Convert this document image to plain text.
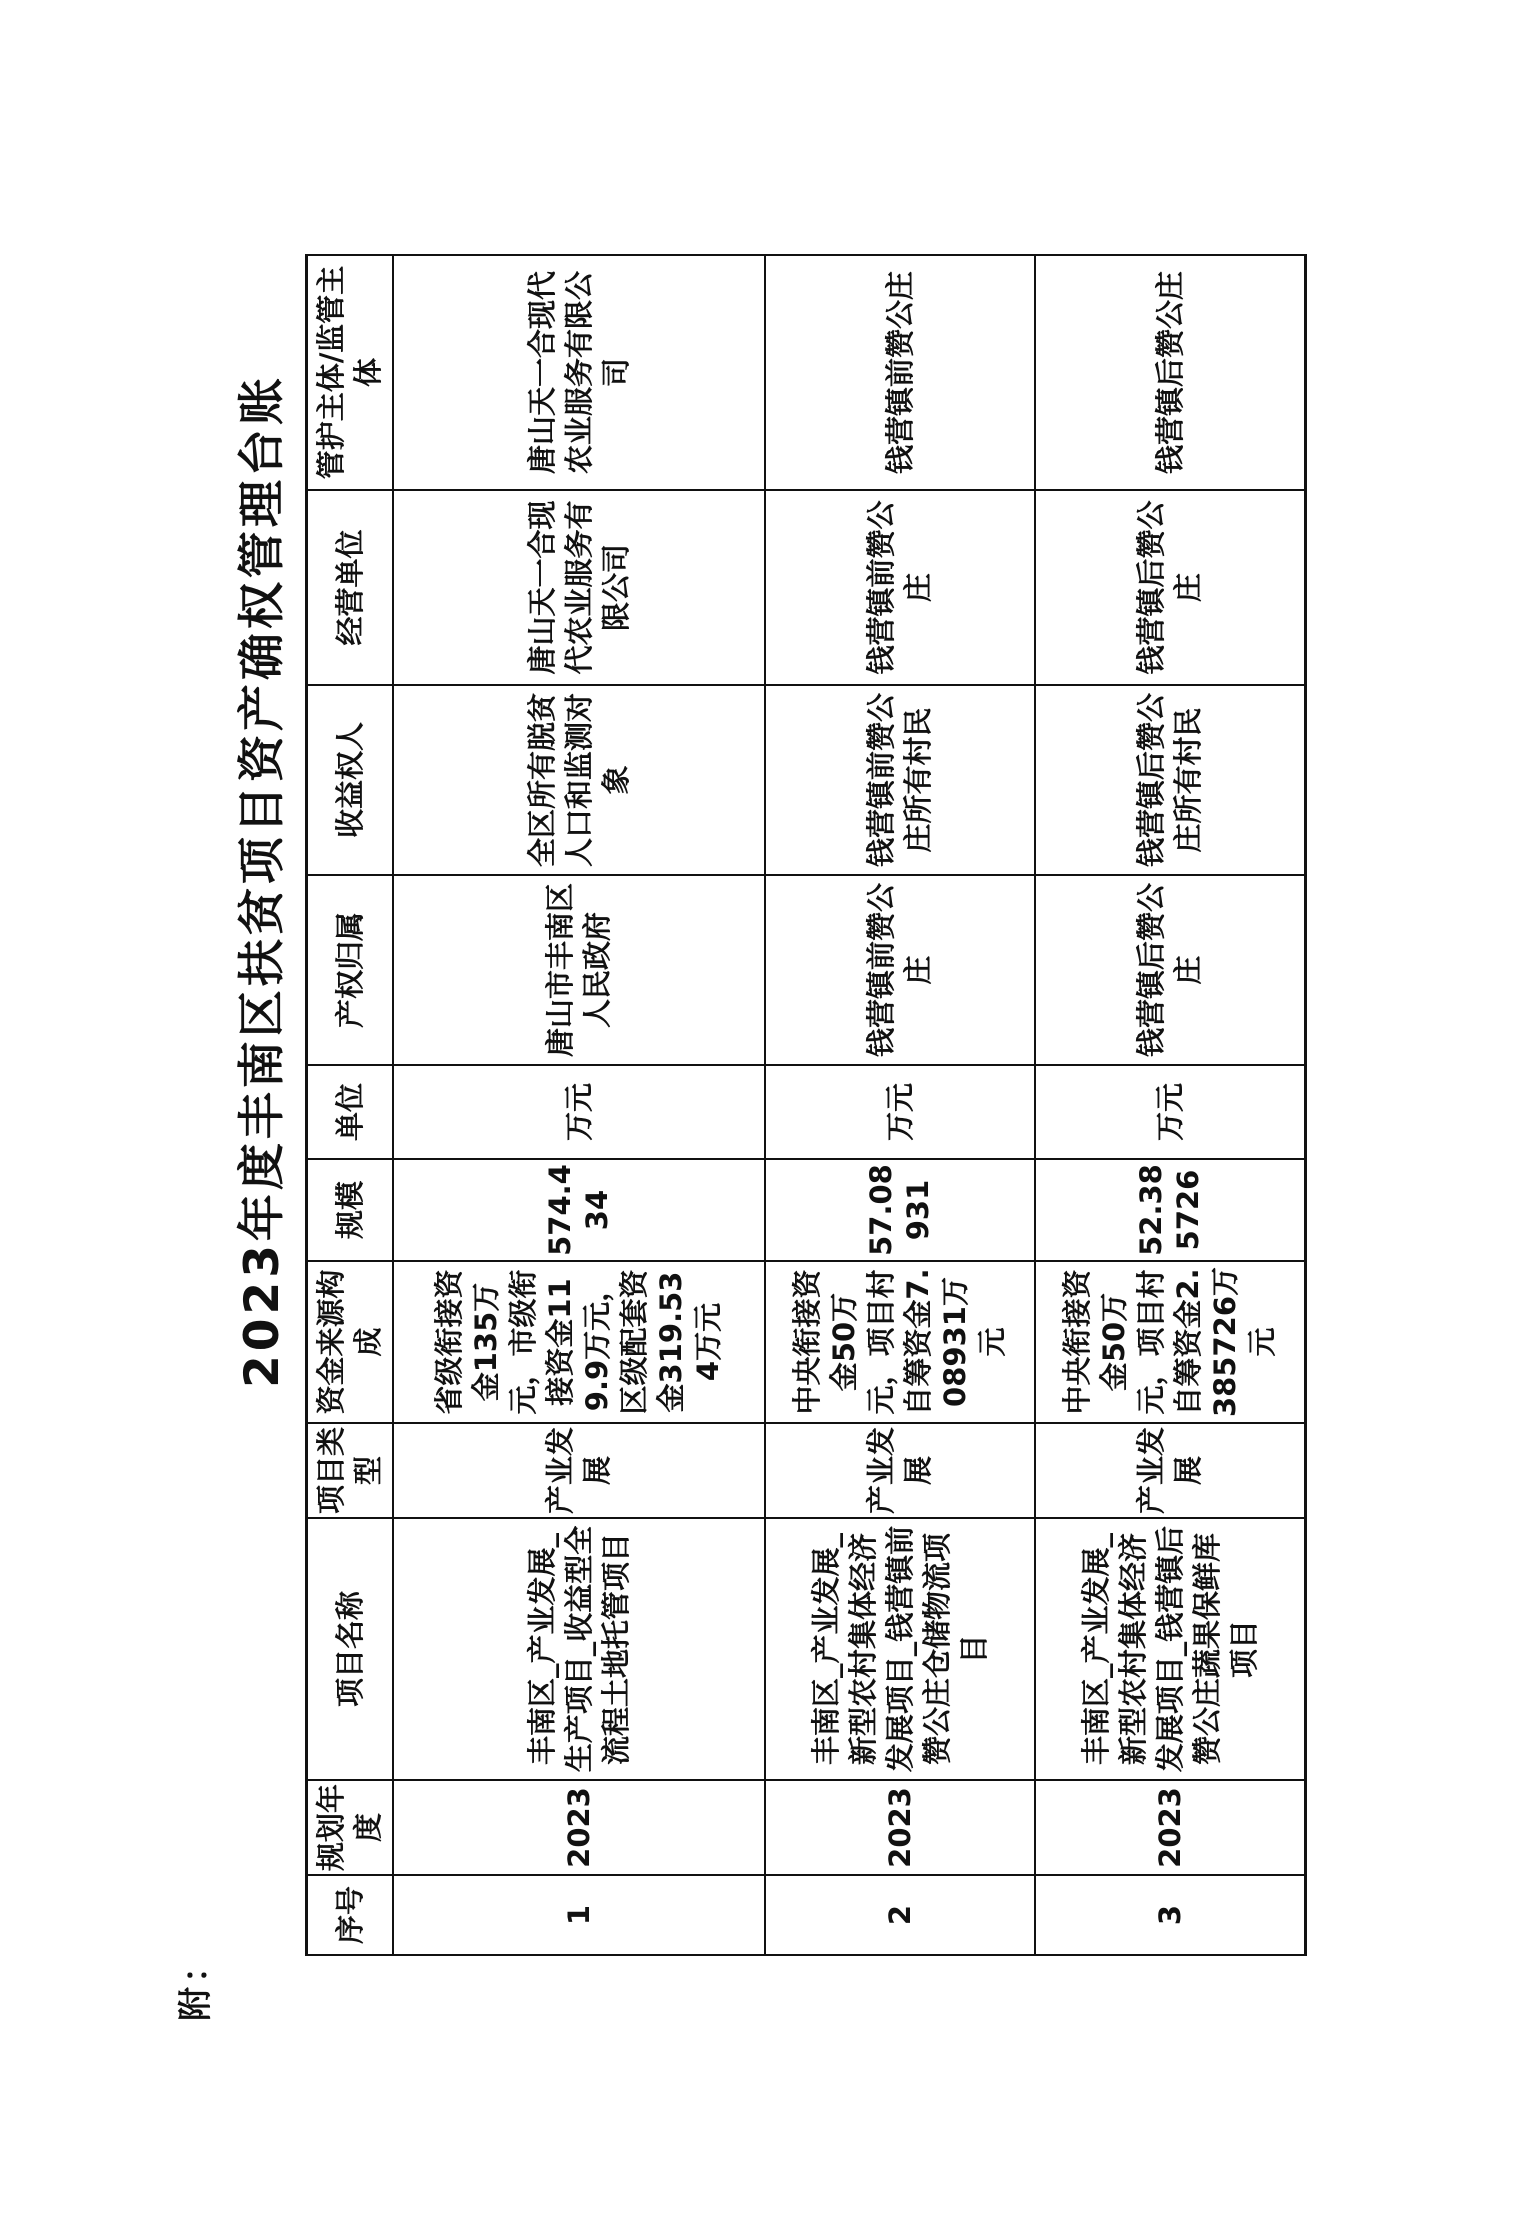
附：
2023年度丰南区扶贫项目资产确权管理台账
序号	规划年度	项目名称	项目类型	资金来源构成	规模	单位	产权归属	收益权人	经营单位	管护主体/监管主体
1	2023	丰南区_产业发展_生产项目_收益型全流程土地托管项目	产业发展	省级衔接资金135万元，市级衔接资金119.9万元，区级配套资金319.534万元	574.434	万元	唐山市丰南区人民政府	全区所有脱贫人口和监测对象	唐山天一合现代农业服务有限公司	唐山天一合现代农业服务有限公司
2	2023	丰南区_产业发展_新型农村集体经济发展项目_钱营镇前赞公庄仓储物流项目	产业发展	中央衔接资金50万元，项目村自筹资金7.08931万元	57.08931	万元	钱营镇前赞公庄	钱营镇前赞公庄所有村民	钱营镇前赞公庄	钱营镇前赞公庄
3	2023	丰南区_产业发展_新型农村集体经济发展项目_钱营镇后赞公庄蔬果保鲜库项目	产业发展	中央衔接资金50万元，项目村自筹资金2.385726万元	52.385726	万元	钱营镇后赞公庄	钱营镇后赞公庄所有村民	钱营镇后赞公庄	钱营镇后赞公庄
